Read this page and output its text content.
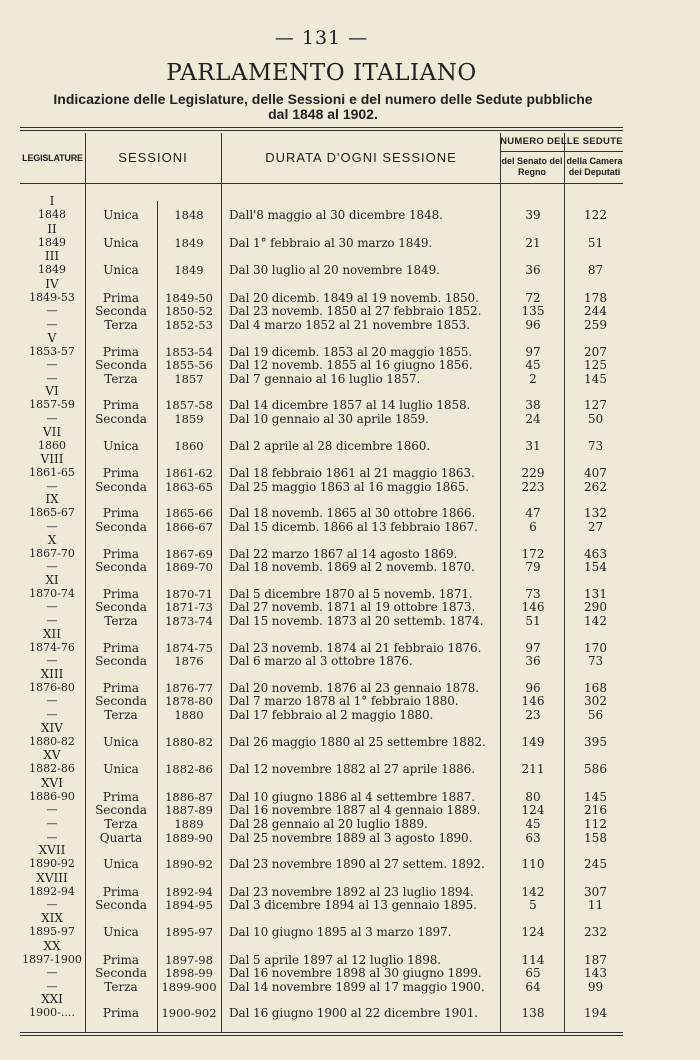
— 131 —
PARLAMENTO ITALIANO
Indicazione delle Legislature, delle Sessioni e del numero delle Sedute pubbliche
dal 1848 al 1902.
LEGISLATURE	SESSIONI	DURATA D'OGNI SESSIONE
NUMERO DELLE SEDUTE
del Senato del Regno
della Camera dei Deputati
I
1848	Unica	1848	Dall'8 maggio al 30 dicembre 1848.	39	122
II
1849	Unica	1849	Dal 1° febbraio al 30 marzo 1849.	21	51
III
1849	Unica	1849	Dal 30 luglio al 20 novembre 1849.	36	87
IV
1849-53	Prima	1849-50	Dal 20 dicemb. 1849 al 19 novemb. 1850.	72	178
—	Seconda	1850-52	Dal 23 novemb. 1850 al 27 febbraio 1852.	135	244
—	Terza	1852-53	Dal 4 marzo 1852 al 21 novembre 1853.	96	259
V
1853-57	Prima	1853-54	Dal 19 dicemb. 1853 al 20 maggio 1855.	97	207
—	Seconda	1855-56	Dal 12 novemb. 1855 al 16 giugno 1856.	45	125
—	Terza	1857	Dal 7 gennaio al 16 luglio 1857.	2	145
VI
1857-59	Prima	1857-58	Dal 14 dicembre 1857 al 14 luglio 1858.	38	127
—	Seconda	1859	Dal 10 gennaio al 30 aprile 1859.	24	50
VII
1860	Unica	1860	Dal 2 aprile al 28 dicembre 1860.	31	73
VIII
1861-65	Prima	1861-62	Dal 18 febbraio 1861 al 21 maggio 1863.	229	407
—	Seconda	1863-65	Dal 25 maggio 1863 al 16 maggio 1865.	223	262
IX
1865-67	Prima	1865-66	Dal 18 novemb. 1865 al 30 ottobre 1866.	47	132
—	Seconda	1866-67	Dal 15 dicemb. 1866 al 13 febbraio 1867.	6	27
X
1867-70	Prima	1867-69	Dal 22 marzo 1867 al 14 agosto 1869.	172	463
—	Seconda	1869-70	Dal 18 novemb. 1869 al 2 novemb. 1870.	79	154
XI
1870-74	Prima	1870-71	Dal 5 dicembre 1870 al 5 novemb. 1871.	73	131
—	Seconda	1871-73	Dal 27 novemb. 1871 al 19 ottobre 1873.	146	290
—	Terza	1873-74	Dal 15 novemb. 1873 al 20 settemb. 1874.	51	142
XII
1874-76	Prima	1874-75	Dal 23 novemb. 1874 al 21 febbraio 1876.	97	170
—	Seconda	1876	Dal 6 marzo al 3 ottobre 1876.	36	73
XIII
1876-80	Prima	1876-77	Dal 20 novemb. 1876 al 23 gennaio 1878.	96	168
—	Seconda	1878-80	Dal 7 marzo 1878 al 1° febbraio 1880.	146	302
—	Terza	1880	Dal 17 febbraio al 2 maggio 1880.	23	56
XIV
1880-82	Unica	1880-82	Dal 26 maggio 1880 al 25 settembre 1882.	149	395
XV
1882-86	Unica	1882-86	Dal 12 novembre 1882 al 27 aprile 1886.	211	586
XVI
1886-90	Prima	1886-87	Dal 10 giugno 1886 al 4 settembre 1887.	80	145
—	Seconda	1887-89	Dal 16 novembre 1887 al 4 gennaio 1889.	124	216
—	Terza	1889	Dal 28 gennaio al 20 luglio 1889.	45	112
—	Quarta	1889-90	Dal 25 novembre 1889 al 3 agosto 1890.	63	158
XVII
1890-92	Unica	1890-92	Dal 23 novembre 1890 al 27 settem. 1892.	110	245
XVIII
1892-94	Prima	1892-94	Dal 23 novembre 1892 al 23 luglio 1894.	142	307
—	Seconda	1894-95	Dal 3 dicembre 1894 al 13 gennaio 1895.	5	11
XIX
1895-97	Unica	1895-97	Dal 10 giugno 1895 al 3 marzo 1897.	124	232
XX
1897-1900	Prima	1897-98	Dal 5 aprile 1897 al 12 luglio 1898.	114	187
—	Seconda	1898-99	Dal 16 novembre 1898 al 30 giugno 1899.	65	143
—	Terza	1899-900 Dal 14 novembre 1899 al 17 maggio 1900.	64	99
XXI
1900-....	Prima	1900-902 Dal 16 giugno 1900 al 22 dicembre 1901.	138	194
